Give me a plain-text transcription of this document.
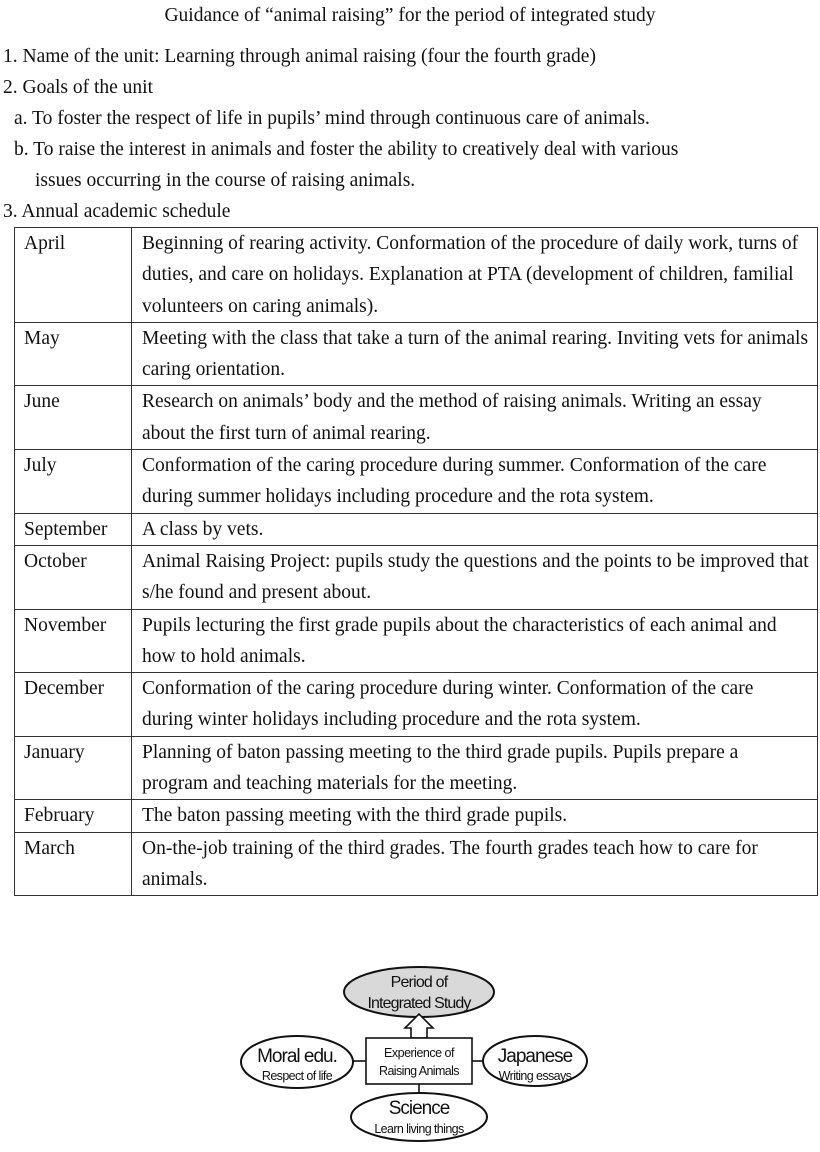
Guidance of “animal raising” for the period of integrated study
1. Name of the unit: Learning through animal raising (four the fourth grade)
2. Goals of the unit
a. To foster the respect of life in pupils’ mind through continuous care of animals.
b. To raise the interest in animals and foster the ability to creatively deal with various
issues occurring in the course of raising animals.
3. Annual academic schedule
April	Beginning of rearing activity. Conformation of the procedure of daily work, turns of duties, and care on holidays. Explanation at PTA (development of children, familial volunteers on caring animals).
May	Meeting with the class that take a turn of the animal rearing. Inviting vets for animals caring orientation.
June	Research on animals’ body and the method of raising animals. Writing an essay about the first turn of animal rearing.
July	Conformation of the caring procedure during summer. Conformation of the care during summer holidays including procedure and the rota system.
September	A class by vets.
October	Animal Raising Project: pupils study the questions and the points to be improved that s/he found and present about.
November	Pupils lecturing the first grade pupils about the characteristics of each animal and how to hold animals.
December	Conformation of the caring procedure during winter. Conformation of the care during winter holidays including procedure and the rota system.
January	Planning of baton passing meeting to the third grade pupils. Pupils prepare a program and teaching materials for the meeting.
February	The baton passing meeting with the third grade pupils.
March	On-the-job training of the third grades. The fourth grades teach how to care for animals.
Period of
Integrated Study
Experience of
Raising Animals
Moral edu.
Respect of life
Japanese
Writing essays
Science
Learn living things
